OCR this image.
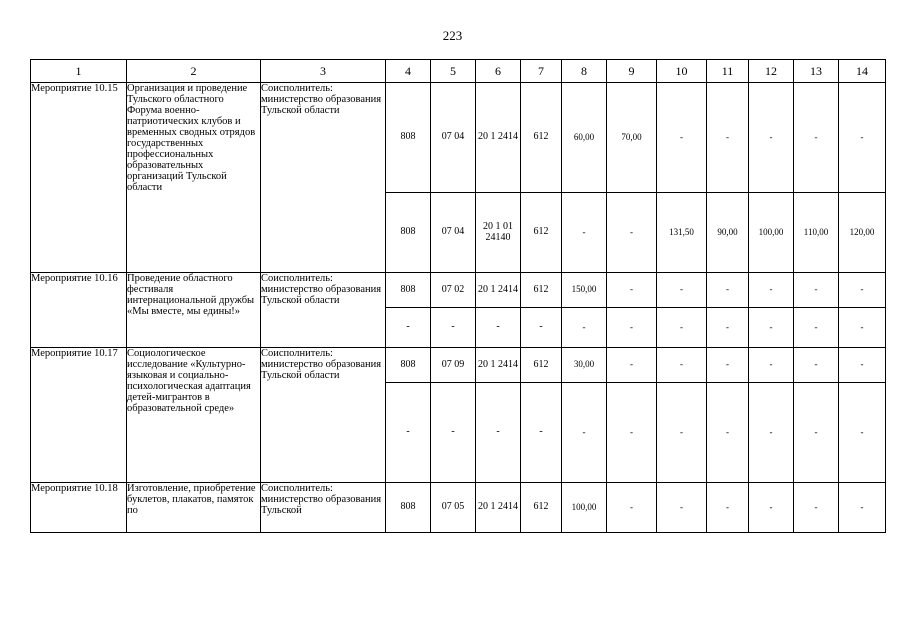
223
1	2	3	4	5	6	7	8	9	10	11	12	13	14
Мероприятие 10.15	Организация и проведение Тульского областного Форума военно-патриотических клубов и временных сводных отрядов государственных профессиональных образовательных организаций Тульской области	Соисполнитель: министерство образования Тульской области	808	07 04	20 1 2414	612	60,00	70,00	-	-	-	-	-
			808	07 04	20 1 01 24140	612	-	-	131,50	90,00	100,00	110,00	120,00
Мероприятие 10.16	Проведение областного фестиваля интернациональной дружбы «Мы вместе, мы едины!»	Соисполнитель: министерство образования Тульской области	808	07 02	20 1 2414	612	150,00	-	-	-	-	-	-
			-	-	-	-	-	-	-	-	-	-	-
Мероприятие 10.17	Социологическое исследование «Культурно-языковая и социально-психологическая адаптация детей-мигрантов в образовательной среде»	Соисполнитель: министерство образования Тульской области	808	07 09	20 1 2414	612	30,00	-	-	-	-	-	-
			-	-	-	-	-	-	-	-	-	-	-
Мероприятие 10.18	Изготовление, приобретение буклетов, плакатов, памяток по	Соисполнитель: министерство образования Тульской	808	07 05	20 1 2414	612	100,00	-	-	-	-	-	-
